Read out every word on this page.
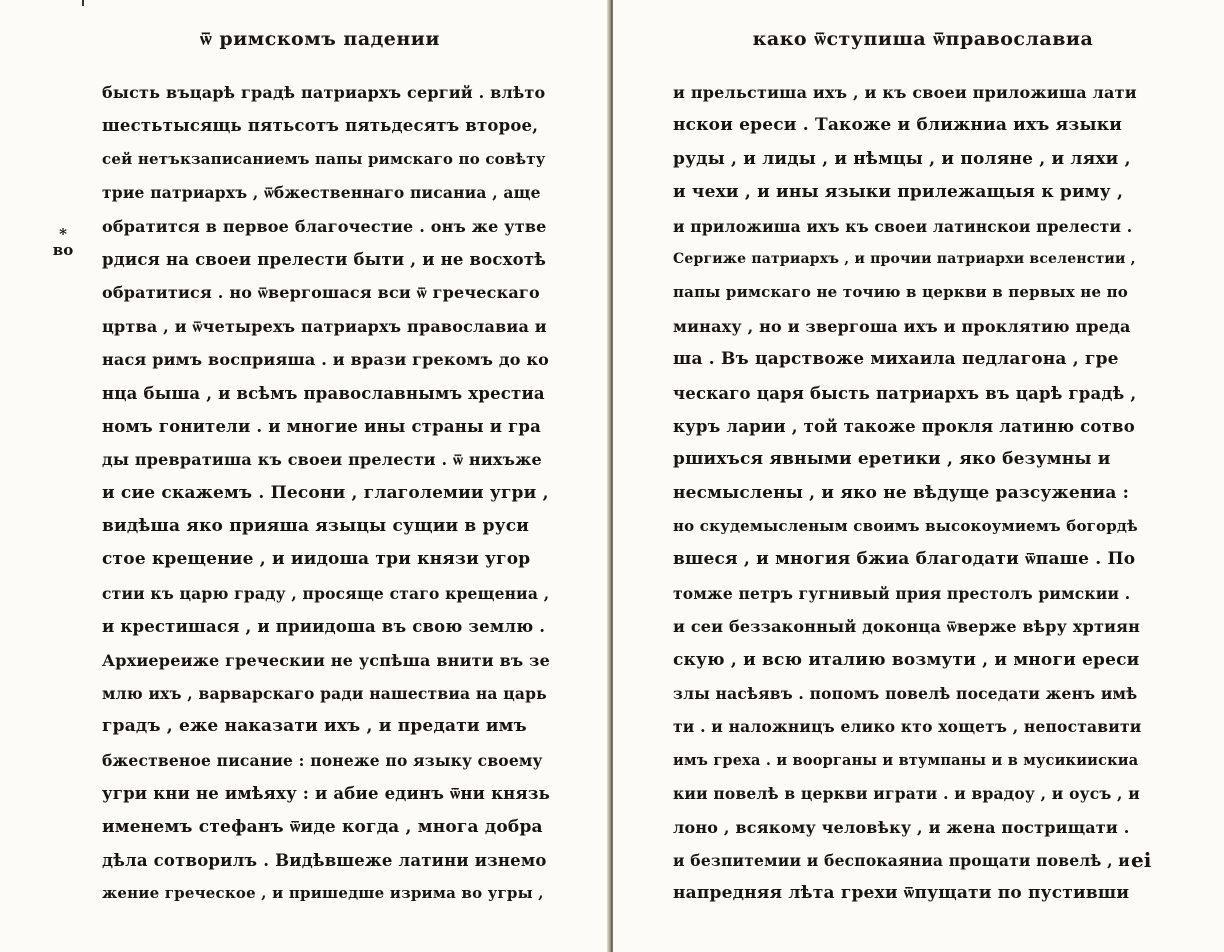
ѿ римскомъ падении
*
во
бысть въцарѣ градѣ патриархъ сергий . влѣто
шестьтысящь пятьсотъ пятьдесятъ второе,
сей нетъкзаписаниемъ папы римскаго по совѣту
трие патриархъ , ѿбжественнаго писаниа , аще
обратится в первое благочестие . онъ же утве
рдися на своеи прелести быти , и не восхотѣ
обратитися . но ѿвергошася вси ѿ греческаго
цртва , и ѿчетырехъ патриархъ православиа и
нася римъ восприяша . и врази грекомъ до ко
нца быша , и всѣмъ православнымъ хрестиа
номъ гонители . и многие ины страны и гра
ды превратиша къ своеи прелести . ѿ нихъже
и сие скажемъ . Песони , глаголемии угри ,
видѣша яко прияша языцы сущии в руси
стое крещение , и иидоша три князи угор
стии къ царю граду , просяще стаго крещениа ,
и крестишася , и приидоша въ свою землю .
Архиереиже греческии не успѣша внити въ зе
млю ихъ , варварскаго ради нашествиа на царь
градъ , еже наказати ихъ , и предати имъ
бжественое писание : понеже по языку своему
угри кни не имѣяху : и абие единъ ѿни князь
именемъ стефанъ ѿиде когда , многа добра
дѣла сотворилъ . Видѣвшеже латини изнемо
жение греческое , и пришедше изрима во угры ,
како ѿступиша ѿправославиа
и прельстиша ихъ , и къ своеи приложиша лати
нскои ереси . Такоже и ближниа ихъ языки
руды , и лиды , и нѣмцы , и поляне , и ляхи ,
и чехи , и ины языки прилежащыя к риму ,
и приложиша ихъ къ своеи латинскои прелести .
Сергиже патриархъ , и прочии патриархи вселенстии ,
папы римскаго не точию в церкви в первых не по
минаху , но и звергоша ихъ и проклятию преда
ша . Въ царствоже михаила педлагона , гре
ческаго царя бысть патриархъ въ царѣ градѣ ,
куръ ларии , той такоже прокля латиню сотво
ршихъся явными еретики , яко безумны и
несмыслены , и яко не вѣдуще разсужениа :
но скудемысленым своимъ высокоумиемъ богордѣ
вшеся , и многия бжиа благодати ѿпаше . По
томже петръ гугнивый прия престолъ римскии .
и сеи беззаконный доконца ѿверже вѣру хртиян
скую , и всю италию возмути , и многи ереси
злы насѣявъ . попомъ повелѣ поседати женъ имѣ
ти . и наложницъ елико кто хощетъ , непоставити
имъ греха . и воорганы и втумпаны и в мусикиискиа
кии повелѣ в церкви играти . и врадоу , и оусъ , и
лоно , всякому человѣку , и жена пострищати .
и безпитемии и беспокаяниа прощати повелѣ , и
напредняя лѣта грехи ѿпущати по пустивши
еі
